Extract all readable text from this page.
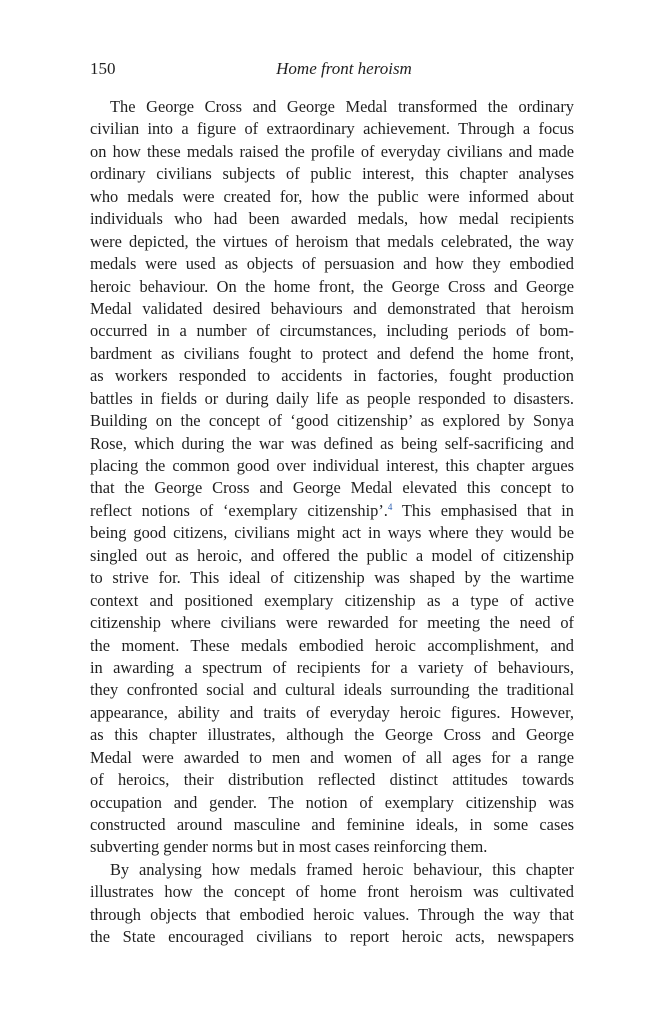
150	Home front heroism
The George Cross and George Medal transformed the ordinary
civilian into a figure of extraordinary achievement. Through a focus
on how these medals raised the profile of everyday civilians and made
ordinary civilians subjects of public interest, this chapter analyses
who medals were created for, how the public were informed about
individuals who had been awarded medals, how medal recipients
were depicted, the virtues of heroism that medals celebrated, the way
medals were used as objects of persuasion and how they embodied
heroic behaviour. On the home front, the George Cross and George
Medal validated desired behaviours and demonstrated that heroism
occurred in a number of circumstances, including periods of bom-
bardment as civilians fought to protect and defend the home front,
as workers responded to accidents in factories, fought production
battles in fields or during daily life as people responded to disasters.
Building on the concept of ‘good citizenship’ as explored by Sonya
Rose, which during the war was defined as being self-sacrificing and
placing the common good over individual interest, this chapter argues
that the George Cross and George Medal elevated this concept to
reflect notions of ‘exemplary citizenship’.$^4$ This emphasised that in
being good citizens, civilians might act in ways where they would be
singled out as heroic, and offered the public a model of citizenship
to strive for. This ideal of citizenship was shaped by the wartime
context and positioned exemplary citizenship as a type of active
citizenship where civilians were rewarded for meeting the need of
the moment. These medals embodied heroic accomplishment, and
in awarding a spectrum of recipients for a variety of behaviours,
they confronted social and cultural ideals surrounding the traditional
appearance, ability and traits of everyday heroic figures. However,
as this chapter illustrates, although the George Cross and George
Medal were awarded to men and women of all ages for a range
of heroics, their distribution reflected distinct attitudes towards
occupation and gender. The notion of exemplary citizenship was
constructed around masculine and feminine ideals, in some cases
subverting gender norms but in most cases reinforcing them.
By analysing how medals framed heroic behaviour, this chapter
illustrates how the concept of home front heroism was cultivated
through objects that embodied heroic values. Through the way that
the State encouraged civilians to report heroic acts, newspapers
